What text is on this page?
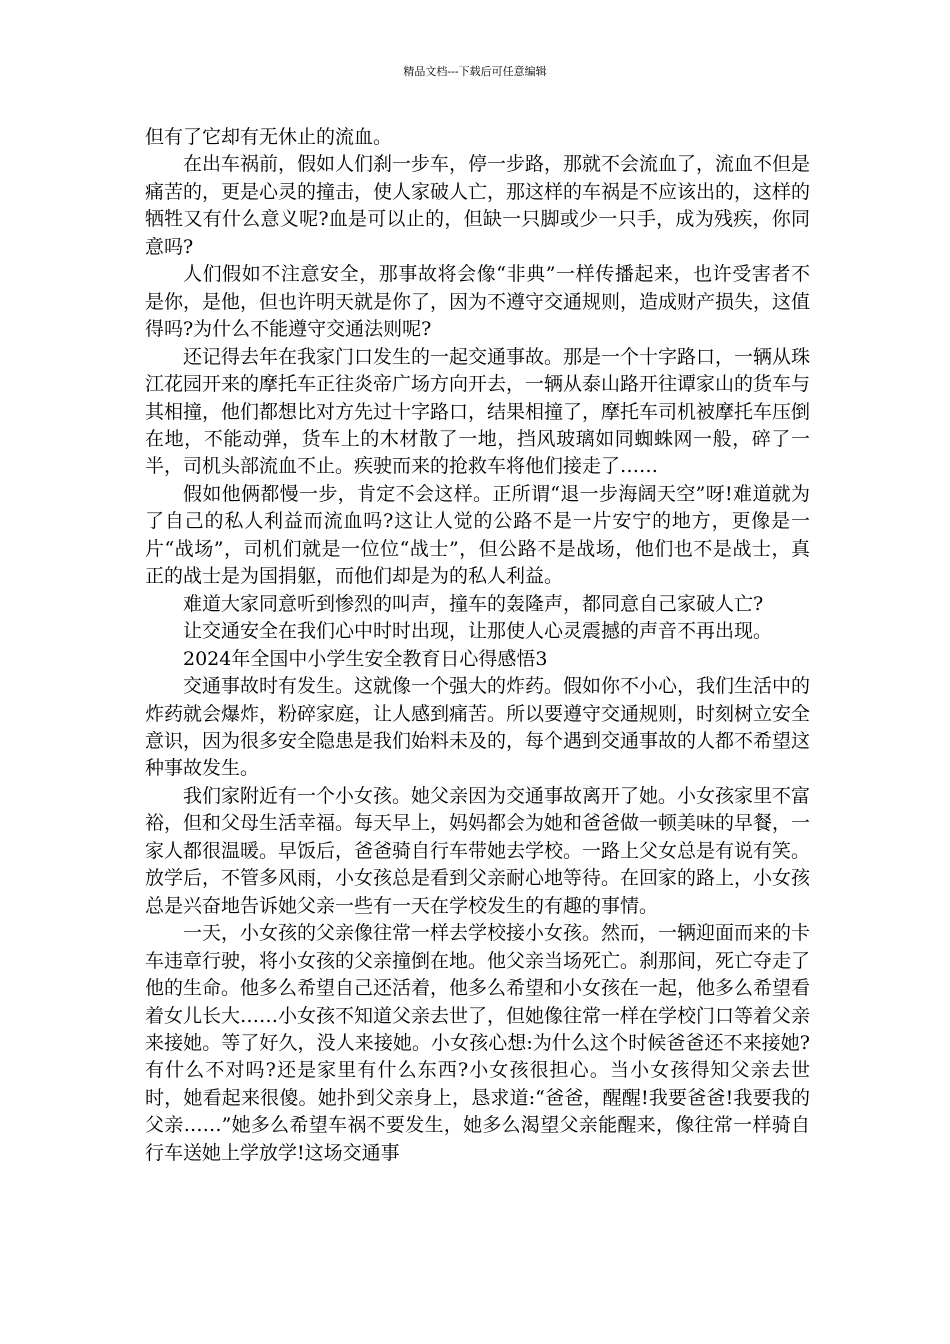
精品文档---下载后可任意编辑

但有了它却有无休止的流血。

在出车祸前，假如人们刹一步车，停一步路，那就不会流血了，流血不但是痛苦的，更是心灵的撞击，使人家破人亡，那这样的车祸是不应该出的，这样的牺牲又有什么意义呢?血是可以止的，但缺一只脚或少一只手，成为残疾，你同意吗?

人们假如不注意安全，那事故将会像“非典”一样传播起来，也许受害者不是你，是他，但也许明天就是你了，因为不遵守交通规则，造成财产损失，这值得吗?为什么不能遵守交通法则呢?

还记得去年在我家门口发生的一起交通事故。那是一个十字路口，一辆从珠江花园开来的摩托车正往炎帝广场方向开去，一辆从泰山路开往谭家山的货车与其相撞，他们都想比对方先过十字路口，结果相撞了，摩托车司机被摩托车压倒在地，不能动弹，货车上的木材散了一地，挡风玻璃如同蜘蛛网一般，碎了一半，司机头部流血不止。疾驶而来的抢救车将他们接走了……

假如他俩都慢一步，肯定不会这样。正所谓“退一步海阔天空”呀!难道就为了自己的私人利益而流血吗?这让人觉的公路不是一片安宁的地方，更像是一片“战场”，司机们就是一位位“战士”，但公路不是战场，他们也不是战士，真正的战士是为国捐躯，而他们却是为的私人利益。

难道大家同意听到惨烈的叫声，撞车的轰隆声，都同意自己家破人亡?

让交通安全在我们心中时时出现，让那使人心灵震撼的声音不再出现。

2024年全国中小学生安全教育日心得感悟3

交通事故时有发生。这就像一个强大的炸药。假如你不小心，我们生活中的炸药就会爆炸，粉碎家庭，让人感到痛苦。所以要遵守交通规则，时刻树立安全意识，因为很多安全隐患是我们始料未及的，每个遇到交通事故的人都不希望这种事故发生。

我们家附近有一个小女孩。她父亲因为交通事故离开了她。小女孩家里不富裕，但和父母生活幸福。每天早上，妈妈都会为她和爸爸做一顿美味的早餐，一家人都很温暖。早饭后，爸爸骑自行车带她去学校。一路上父女总是有说有笑。放学后，不管多风雨，小女孩总是看到父亲耐心地等待。在回家的路上，小女孩总是兴奋地告诉她父亲一些有一天在学校发生的有趣的事情。

一天，小女孩的父亲像往常一样去学校接小女孩。然而，一辆迎面而来的卡车违章行驶，将小女孩的父亲撞倒在地。他父亲当场死亡。刹那间，死亡夺走了他的生命。他多么希望自己还活着，他多么希望和小女孩在一起，他多么希望看着女儿长大……小女孩不知道父亲去世了，但她像往常一样在学校门口等着父亲来接她。等了好久，没人来接她。小女孩心想:为什么这个时候爸爸还不来接她?有什么不对吗?还是家里有什么东西?小女孩很担心。当小女孩得知父亲去世时，她看起来很傻。她扑到父亲身上，恳求道:“爸爸，醒醒!我要爸爸!我要我的父亲……”她多么希望车祸不要发生，她多么渴望父亲能醒来，像往常一样骑自行车送她上学放学!这场交通事
